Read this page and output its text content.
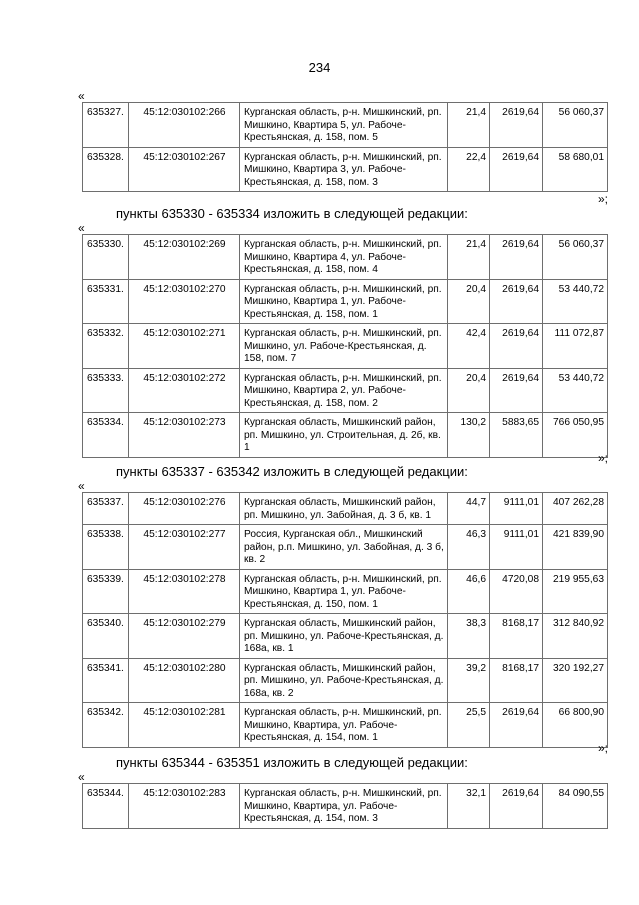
234
«
635327.	45:12:030102:266	Курганская область, р-н. Мишкинский, рп. Мишкино, Квартира 5, ул. Рабоче-Крестьянская, д. 158, пом. 5	21,4	2619,64	56 060,37
635328.	45:12:030102:267	Курганская область, р-н. Мишкинский, рп. Мишкино, Квартира 3, ул. Рабоче-Крестьянская, д. 158, пом. 3	22,4	2619,64	58 680,01
»;
пункты 635330 - 635334 изложить в следующей редакции:
«
635330.	45:12:030102:269	Курганская область, р-н. Мишкинский, рп. Мишкино, Квартира 4, ул. Рабоче-Крестьянская, д. 158, пом. 4	21,4	2619,64	56 060,37
635331.	45:12:030102:270	Курганская область, р-н. Мишкинский, рп. Мишкино, Квартира 1, ул. Рабоче-Крестьянская, д. 158, пом. 1	20,4	2619,64	53 440,72
635332.	45:12:030102:271	Курганская область, р-н. Мишкинский, рп. Мишкино, ул. Рабоче-Крестьянская, д. 158, пом. 7	42,4	2619,64	111 072,87
635333.	45:12:030102:272	Курганская область, р-н. Мишкинский, рп. Мишкино, Квартира 2, ул. Рабоче-Крестьянская, д. 158, пом. 2	20,4	2619,64	53 440,72
635334.	45:12:030102:273	Курганская область, Мишкинский район, рп. Мишкино, ул. Строительная, д. 2б, кв. 1	130,2	5883,65	766 050,95
»;
пункты 635337 - 635342 изложить в следующей редакции:
«
635337.	45:12:030102:276	Курганская область, Мишкинский район, рп. Мишкино, ул. Забойная, д. 3 б, кв. 1	44,7	9111,01	407 262,28
635338.	45:12:030102:277	Россия, Курганская обл., Мишкинский район, р.п. Мишкино, ул. Забойная, д. 3 б, кв. 2	46,3	9111,01	421 839,90
635339.	45:12:030102:278	Курганская область, р-н. Мишкинский, рп. Мишкино, Квартира 1, ул. Рабоче-Крестьянская, д. 150, пом. 1	46,6	4720,08	219 955,63
635340.	45:12:030102:279	Курганская область, Мишкинский район, рп. Мишкино, ул. Рабоче-Крестьянская, д. 168а, кв. 1	38,3	8168,17	312 840,92
635341.	45:12:030102:280	Курганская область, Мишкинский район, рп. Мишкино, ул. Рабоче-Крестьянская, д. 168а, кв. 2	39,2	8168,17	320 192,27
635342.	45:12:030102:281	Курганская область, р-н. Мишкинский, рп. Мишкино, Квартира, ул. Рабоче-Крестьянская, д. 154, пом. 1	25,5	2619,64	66 800,90
»;
пункты 635344 - 635351 изложить в следующей редакции:
«
635344.	45:12:030102:283	Курганская область, р-н. Мишкинский, рп. Мишкино, Квартира, ул. Рабоче-Крестьянская, д. 154, пом. 3	32,1	2619,64	84 090,55
